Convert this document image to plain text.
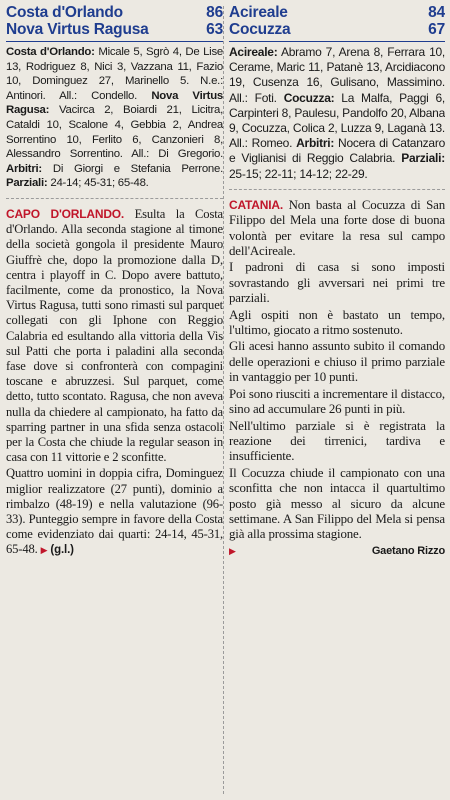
Costa d'Orlando	86
Nova Virtus Ragusa	63
Costa d'Orlando: Micale 5, Sgrò 4, De Lise 13, Rodriguez 8, Nici 3, Vazzana 11, Fazio 10, Dominguez 27, Marinello 5. N.e.: Antinori. All.: Condello. Nova Virtus Ragusa: Vacirca 2, Boiardi 21, Licitra, Cataldi 10, Scalone 4, Gebbia 2, Andrea Sorrentino 10, Ferlito 6, Canzonieri 8, Alessandro Sorrentino. All.: Di Gregorio. Arbitri: Di Giorgi e Stefania Perrone. Parziali: 24-14; 45-31; 65-48.

CAPO D'ORLANDO. Esulta la Costa d'Orlando. Alla seconda stagione al timone della società gongola il presidente Mauro Giuffrè che, dopo la promozione dalla D, centra i playoff in C. Dopo avere battuto, facilmente, come da pronostico, la Nova Virtus Ragusa, tutti sono rimasti sul parquet collegati con gli Iphone con Reggio Calabria ed esultando alla vittoria della Vis sul Patti che porta i paladini alla seconda fase dove si confronterà con compagini toscane e abruzzesi. Sul parquet, come detto, tutto scontato. Ragusa, che non aveva nulla da chiedere al campionato, ha fatto da sparring partner in una sfida senza ostacoli per la Costa che chiude la regular season in casa con 11 vittorie e 2 sconfitte.

Quattro uomini in doppia cifra, Dominguez miglior realizzatore (27 punti), dominio a rimbalzo (48-19) e nella valutazione (96-33). Punteggio sempre in favore della Costa come evidenziato dai quarti: 24-14, 45-31, 65-48. ▶ (g.l.)

Acireale	84
Cocuzza	67
Acireale: Abramo 7, Arena 8, Ferrara 10, Cerame, Maric 11, Patanè 13, Arcidiacono 19, Cusenza 16, Gulisano, Massimino. All.: Foti. Cocuzza: La Malfa, Paggi 6, Carpinteri 8, Paulesu, Pandolfo 20, Albana 9, Cocuzza, Colica 2, Luzza 9, Laganà 13. All.: Romeo. Arbitri: Nocera di Catanzaro e Viglianisi di Reggio Calabria. Parziali: 25-15; 22-11; 14-12; 22-29.

CATANIA. Non basta al Cocuzza di San Filippo del Mela una forte dose di buona volontà per evitare la resa sul campo dell'Acireale.

I padroni di casa si sono imposti sovrastando gli avversari nei primi tre parziali.

Agli ospiti non è bastato un tempo, l'ultimo, giocato a ritmo sostenuto.

Gli acesi hanno assunto subito il comando delle operazioni e chiuso il primo parziale in vantaggio per 10 punti.

Poi sono riusciti a incrementare il distacco, sino ad accumulare 26 punti in più.

Nell'ultimo parziale si è registrata la reazione dei tirrenici, tardiva e insufficiente.

Il Cocuzza chiude il campionato con una sconfitta che non intacca il quartultimo posto già messo al sicuro da alcune settimane. A San Filippo del Mela si pensa già alla prossima stagione.

▶	Gaetano Rizzo
